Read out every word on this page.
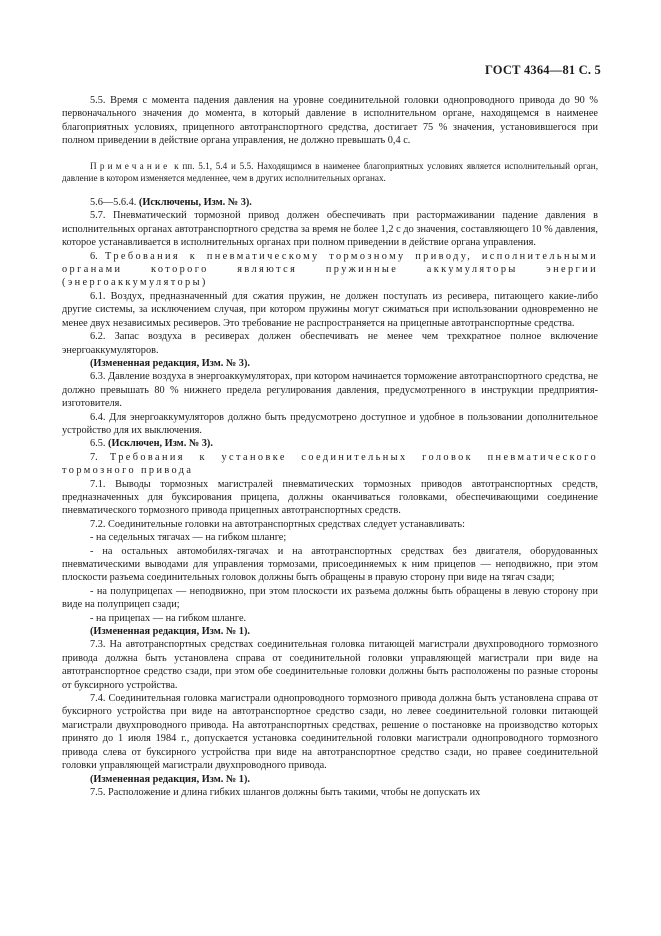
ГОСТ 4364—81 С. 5

5.5. Время с момента падения давления на уровне соединительной головки однопроводного привода до 90 % первоначального значения до момента, в который давление в исполнительном органе, находящемся в наименее благоприятных условиях, прицепного автотранспортного средства, достигает 75 % значения, установившегося при полном приведении в действие органа управления, не должно превышать 0,4 с.

Примечание к пп. 5.1, 5.4 и 5.5. Находящимся в наименее благоприятных условиях является исполнительный орган, давление в котором изменяется медленнее, чем в других исполнительных органах.

5.6—5.6.4. (Исключены, Изм. № 3).

5.7. Пневматический тормозной привод должен обеспечивать при растормаживании падение давления в исполнительных органах автотранспортного средства за время не более 1,2 с до значения, составляющего 10 % давления, которое устанавливается в исполнительных органах при полном приведении в действие органа управления.

6. Требования к пневматическому тормозному приводу, исполнительными органами которого являются пружинные аккумуляторы энергии (энергоаккумуляторы)

6.1. Воздух, предназначенный для сжатия пружин, не должен поступать из ресивера, питающего какие-либо другие системы, за исключением случая, при котором пружины могут сжиматься при использовании одновременно не менее двух независимых ресиверов. Это требование не распространяется на прицепные автотранспортные средства.

6.2. Запас воздуха в ресиверах должен обеспечивать не менее чем трехкратное полное включение энергоаккумуляторов.

(Измененная редакция, Изм. № 3).

6.3. Давление воздуха в энергоаккумуляторах, при котором начинается торможение автотранспортного средства, не должно превышать 80 % нижнего предела регулирования давления, предусмотренного в инструкции предприятия-изготовителя.

6.4. Для энергоаккумуляторов должно быть предусмотрено доступное и удобное в пользовании дополнительное устройство для их выключения.

6.5. (Исключен, Изм. № 3).

7. Требования к установке соединительных головок пневматического тормозного привода

7.1. Выводы тормозных магистралей пневматических тормозных приводов автотранспортных средств, предназначенных для буксирования прицепа, должны оканчиваться головками, обеспечивающими соединение пневматического тормозного привода прицепных автотранспортных средств.

7.2. Соединительные головки на автотранспортных средствах следует устанавливать:

- на седельных тягачах — на гибком шланге;

- на остальных автомобилях-тягачах и на автотранспортных средствах без двигателя, оборудованных пневматическими выводами для управления тормозами, присоединяемых к ним прицепов — неподвижно, при этом плоскости разъема соединительных головок должны быть обращены в правую сторону при виде на тягач сзади;

- на полуприцепах — неподвижно, при этом плоскости их разъема должны быть обращены в левую сторону при виде на полуприцеп сзади;

- на прицепах — на гибком шланге.

(Измененная редакция, Изм. № 1).

7.3. На автотранспортных средствах соединительная головка питающей магистрали двухпроводного тормозного привода должна быть установлена справа от соединительной головки управляющей магистрали при виде на автотранспортное средство сзади, при этом обе соединительные головки должны быть расположены по разные стороны от буксирного устройства.

7.4. Соединительная головка магистрали однопроводного тормозного привода должна быть установлена справа от буксирного устройства при виде на автотранспортное средство сзади, но левее соединительной головки питающей магистрали двухпроводного привода. На автотранспортных средствах, решение о постановке на производство которых принято до 1 июля 1984 г., допускается установка соединительной головки магистрали однопроводного тормозного привода слева от буксирного устройства при виде на автотранспортное средство сзади, но правее соединительной головки управляющей магистрали двухпроводного привода.

(Измененная редакция, Изм. № 1).

7.5. Расположение и длина гибких шлангов должны быть такими, чтобы не допускать их
